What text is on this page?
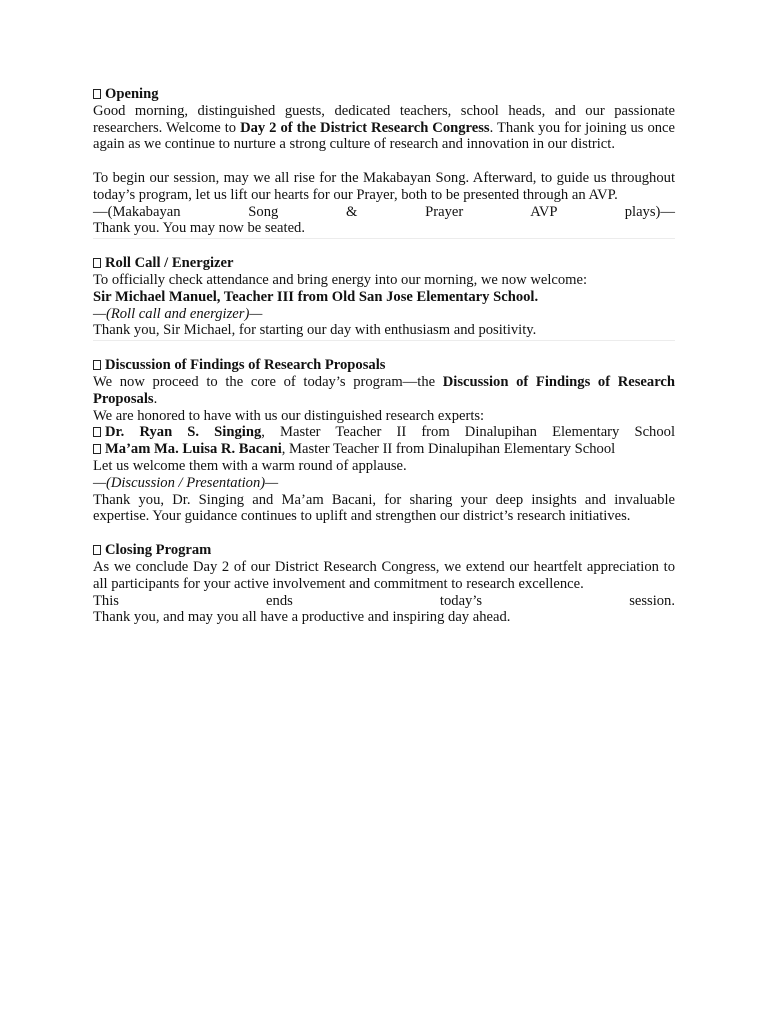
Opening

Good morning, distinguished guests, dedicated teachers, school heads, and our passionate researchers. Welcome to Day 2 of the District Research Congress. Thank you for joining us once again as we continue to nurture a strong culture of research and innovation in our district.

To begin our session, may we all rise for the Makabayan Song. Afterward, to guide us throughout today’s program, let us lift our hearts for our Prayer, both to be presented through an AVP.

—(Makabayan Song & Prayer AVP plays)—

Thank you. You may now be seated.

Roll Call / Energizer

To officially check attendance and bring energy into our morning, we now welcome:

Sir Michael Manuel, Teacher III from Old San Jose Elementary School.

—(Roll call and energizer)—

Thank you, Sir Michael, for starting our day with enthusiasm and positivity.

Discussion of Findings of Research Proposals

We now proceed to the core of today’s program—the Discussion of Findings of Research Proposals.

We are honored to have with us our distinguished research experts:

Dr. Ryan S. Singing, Master Teacher II from Dinalupihan Elementary School

Ma’am Ma. Luisa R. Bacani, Master Teacher II from Dinalupihan Elementary School

Let us welcome them with a warm round of applause.

—(Discussion / Presentation)—

Thank you, Dr. Singing and Ma’am Bacani, for sharing your deep insights and invaluable expertise. Your guidance continues to uplift and strengthen our district’s research initiatives.

Closing Program

As we conclude Day 2 of our District Research Congress, we extend our heartfelt appreciation to all participants for your active involvement and commitment to research excellence.

This ends today’s session.

Thank you, and may you all have a productive and inspiring day ahead.
